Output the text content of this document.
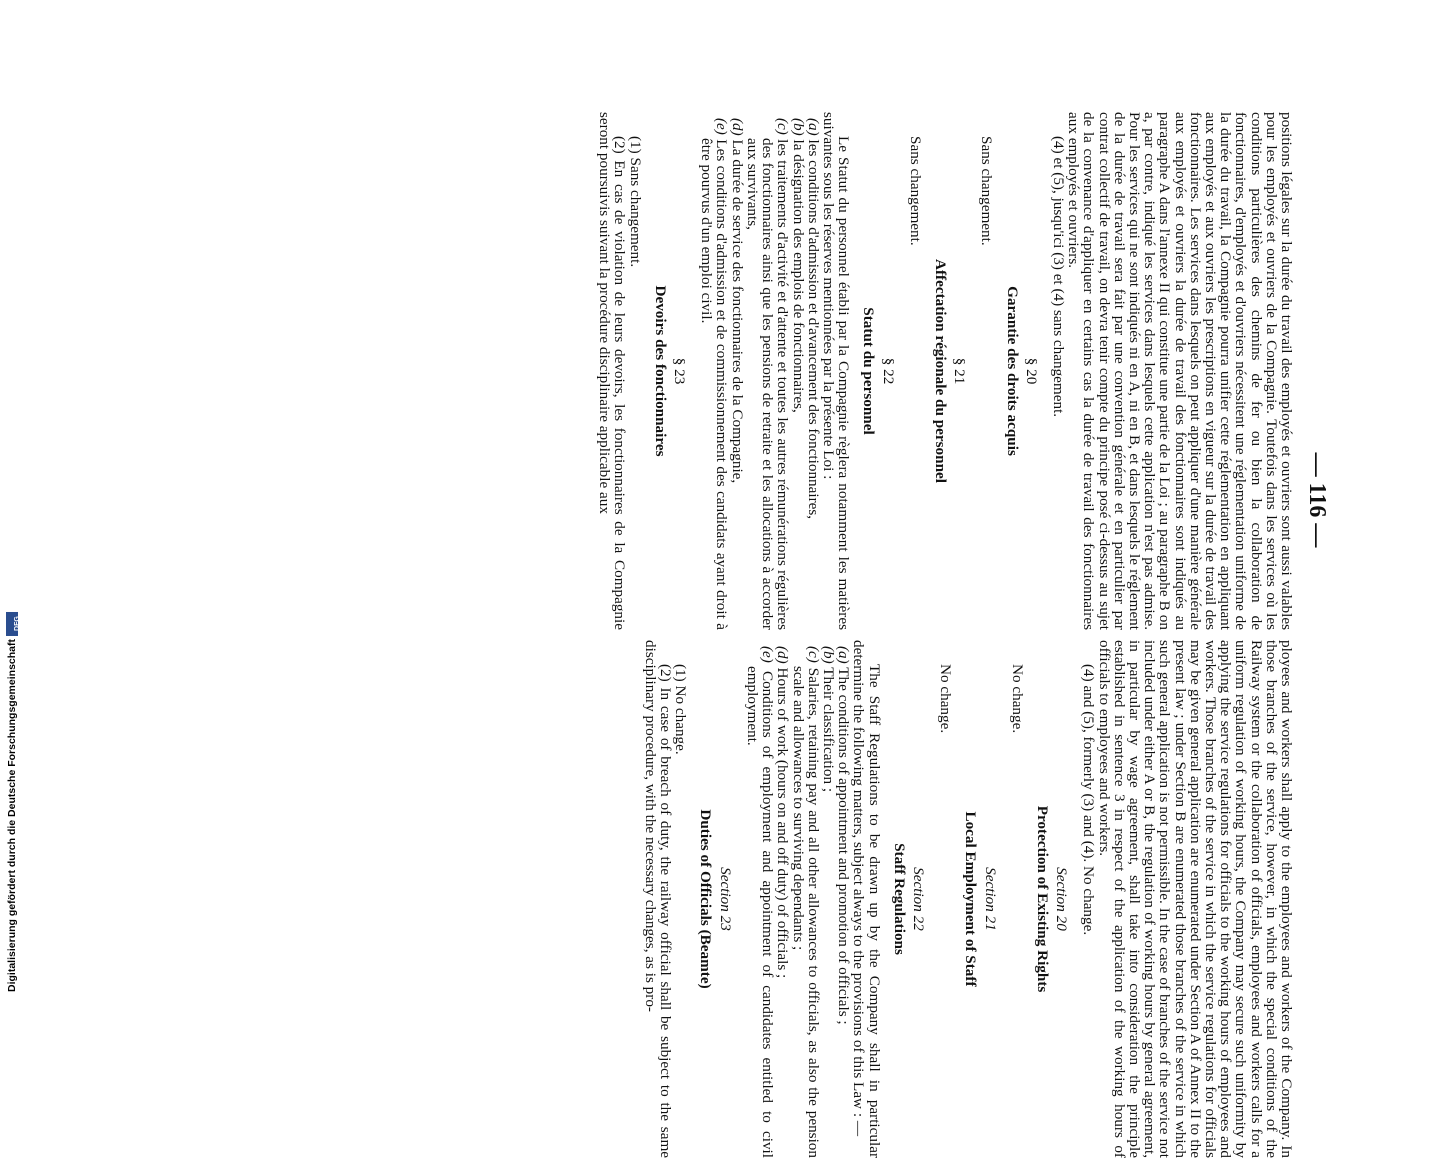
— 116 —

positions légales sur la durée du travail des employés et ouvriers sont aussi valables pour les employés et ouvriers de la Compagnie. Toutefois dans les services où les conditions particulières des chemins de fer ou bien la collaboration de fonctionnaires, d'employés et d'ouvriers nécessitent une réglementation uniforme de la durée du travail, la Compagnie pourra unifier cette réglementation en appliquant aux employés et aux ouvriers les prescriptions en vigueur sur la durée de travail des fonctionnaires. Les services dans lesquels on peut appliquer d'une manière générale aux employés et ouvriers la durée de travail des fonctionnaires sont indiqués au paragraphe A dans l'annexe II qui constitue une partie de la Loi ; au paragraphe B on a, par contre, indiqué les services dans lesquels cette application n'est pas admise. Pour les services qui ne sont indiqués ni en A, ni en B, et dans lesquels le réglement de la durée de travail sera fait par une convention générale et en particulier par contrat collectif de travail, on devra tenir compte du principe posé ci-dessus au sujet de la convenance d'appliquer en certains cas la durée de travail des fonctionnaires aux employés et ouvriers.

(4) et (5), jusqu'ici (3) et (4) sans changement.

§ 20
Garantie des droits acquis

Sans changement.

§ 21
Affectation régionale du personnel

Sans changement.

§ 22
Statut du personnel

Le Statut du personnel établi par la Compagnie règlera notamment les matières suivantes sous les réserves mentionnées par la présente Loi :

(a) les conditions d'admission et d'avancement des fonctionnaires,

(b) la désignation des emplois de fonctionnaires,

(c) les traitements d'activité et d'attente et toutes les autres rémunérations régulières des fonctionnaires ainsi que les pensions de retraite et les allocations à accorder aux survivants,

(d) La durée de service des fonctionnaires de la Compagnie,

(e) Les conditions d'admission et de commissionnement des candidats ayant droit à être pourvus d'un emploi civil.

§ 23
Devoirs des fonctionnaires

(1) Sans changement.

(2) En cas de violation de leurs devoirs, les fonctionnaires de la Compagnie seront poursuivis suivant la procédure disciplinaire applicable aux

ployees and workers shall apply to the employees and workers of the Company. In those branches of the service, however, in which the special conditions of the Railway system or the collaboration of officials, employees and workers calls for a uniform regulation of working hours, the Company may secure such uniformity by applying the service regulations for officials to the working hours of employees and workers. Those branches of the service in which the service regulations for officials may be given general application are enumerated under Section A of Annex II to the present law ; under Section B are enumerated those branches of the service in which such general application is not permissible. In the case of branches of the service not included under either A or B, the regulation of working hours by general agreement, in particular by wage agreement, shall take into consideration the principle established in sentence 3 in respect of the application of the working hours of officials to employees and workers.

(4) and (5), formerly (3) and (4). No change.

Section 20
Protection of Existing Rights

No change.

Section 21
Local Employment of Staff

No change.

Section 22
Staff Regulations

The Staff Regulations to be drawn up by the Company shall in particular determine the following matters, subject always to the provisions of this Law : —

(a) The conditions of appointment and promotion of officials ;

(b) Their classification ;

(c) Salaries, retaining pay and all other allowances to officials, as also the pension scale and allowances to surviving dependants ;

(d) Hours of work (hours on and off duty) of officials ;

(e) Conditions of employment and appointment of candidates entitled to civil employment.

Section 23
Duties of Officials (Beamte)

(1) No change.

(2) In case of breach of duty, the railway official shall be subject to the same disciplinary procedure, with the necessary changes, as is pro-

Digitalisierung gefördert durch die Deutsche Forschungsgemeinschaft
DFG
